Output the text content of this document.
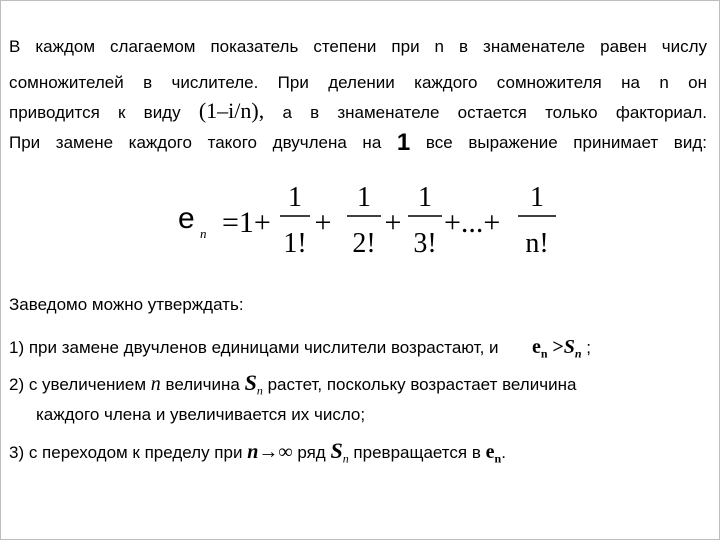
В каждом слагаемом показатель степени при n в знаменателе равен числу
сомножителей в числителе. При делении каждого сомножителя на n он
приводится к виду (1–i/n), а в знаменателе остается только факториал.
При замене каждого такого двучлена на 1 все выражение принимает вид:
e n =1+
1
1!
+
1
2!
+
1
3!
+...+
1
n!
Заведомо можно утверждать:
1) при замене двучленов единицами числители возрастают, и $e_n >S_n$ ;
2) с увеличением n величина $S_n$ растет, поскольку возрастает величина
каждого члена и увеличивается их число;
3) с переходом к пределу при n→∞ ряд $S_n$ превращается в $e_n$.
